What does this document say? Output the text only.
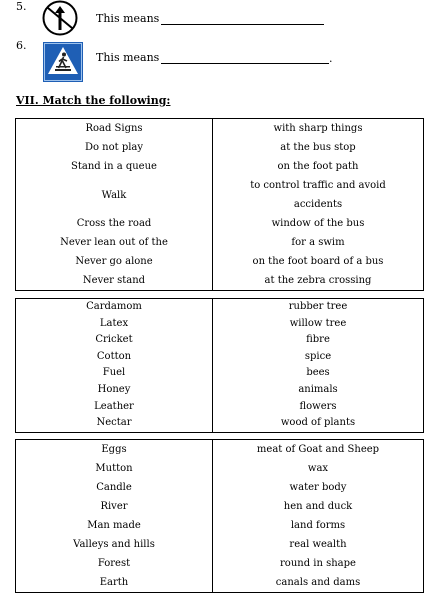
5.
This means
6.
This means	.
VII. Match the following:
Road Signs	with sharp things
Do not play	at the bus stop
Stand in a queue	on the foot path
Walk	to control traffic and avoid accidents
Cross the road	window of the bus
Never lean out of the	for a swim
Never go alone	on the foot board of a bus
Never stand	at the zebra crossing
Cardamom	rubber tree
Latex	willow tree
Cricket	fibre
Cotton	spice
Fuel	bees
Honey	animals
Leather	flowers
Nectar	wood of plants
Eggs	meat of Goat and Sheep
Mutton	wax
Candle	water body
River	hen and duck
Man made	land forms
Valleys and hills	real wealth
Forest	round in shape
Earth	canals and dams
